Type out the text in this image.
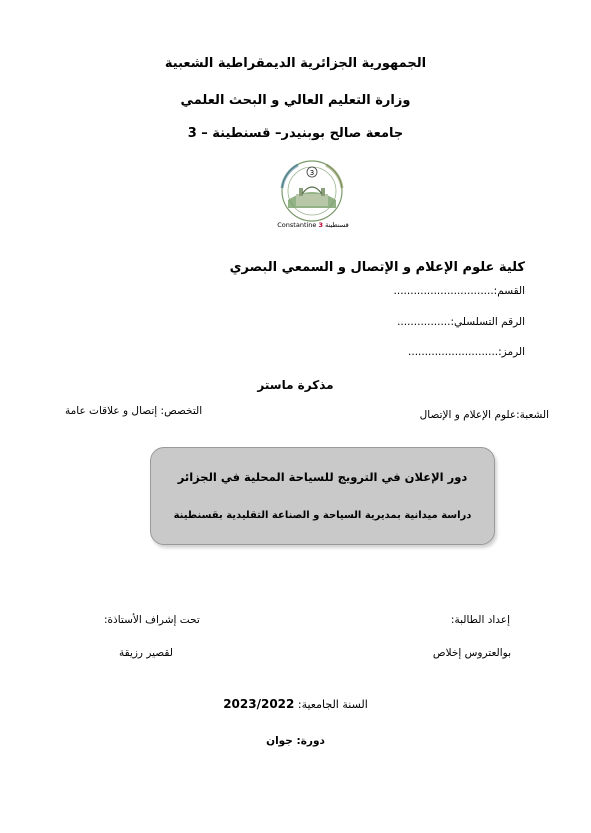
الجمهورية الجزائرية الديمقراطية الشعبية
وزارة التعليم العالي و البحث العلمي
جامعة صالح بوبنيدر– قسنطينة – 3
3
Constantine 3 قسنطينة
كلية علوم الإعلام و الإتصال و السمعي البصري
القسم:..............................
الرقم التسلسلي:................
الرمز:...........................
مذكرة ماستر
الشعبة:علوم الإعلام و الإتصال
التخصص: إتصال و علاقات عامة
دور الإعلان في الترويج للسياحة المحلية في الجزائر
دراسة ميدانية بمديرية السياحة و الصناعة التقليدية بقسنطينة
إعداد الطالبة:
تحت إشراف الأستاذة:
بوالعتروس إخلاص
لقصير رزيقة
السنة الجامعية: 2023/2022
دورة: جوان
